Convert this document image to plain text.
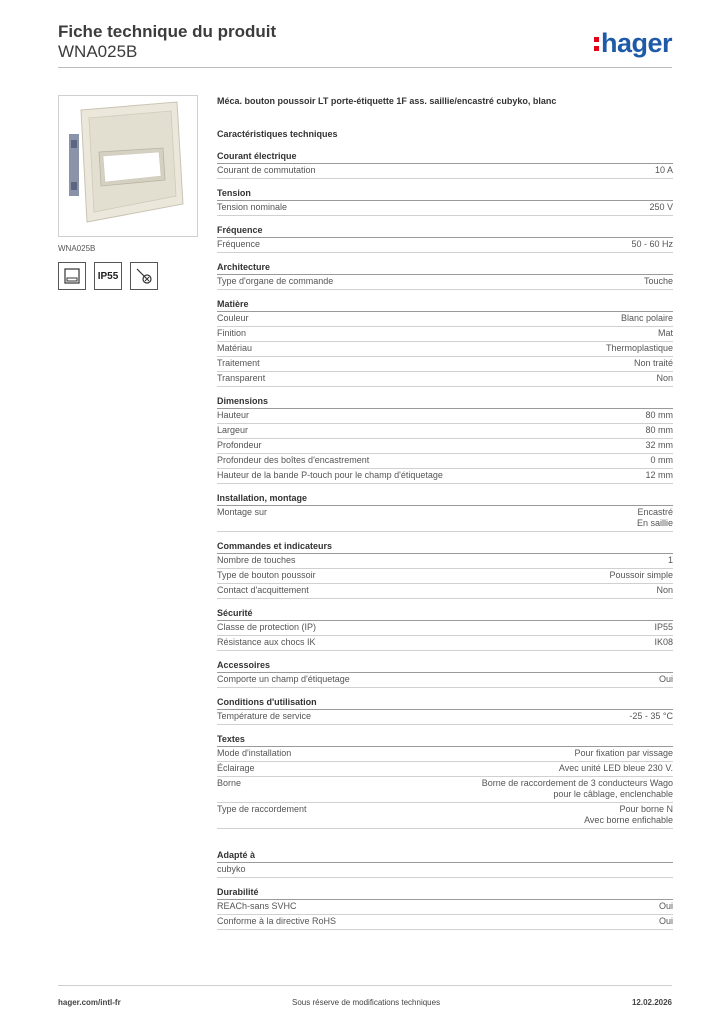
Fiche technique du produit
WNA025B	hager
WNA025B
IP55
Méca. bouton poussoir LT porte-étiquette 1F ass. saillie/encastré cubyko, blanc
Caractéristiques techniques
Courant électrique
Courant de commutation	10 A
Tension
Tension nominale	250 V
Fréquence
Fréquence	50 - 60 Hz
Architecture
Type d'organe de commande	Touche
Matière
Couleur	Blanc polaire
Finition	Mat
Matériau	Thermoplastique
Traitement	Non traité
Transparent	Non
Dimensions
Hauteur	80 mm
Largeur	80 mm
Profondeur	32 mm
Profondeur des boîtes d'encastrement	0 mm
Hauteur de la bande P-touch pour le champ d'étiquetage	12 mm
Installation, montage
Montage sur	Encastré
En saillie
Commandes et indicateurs
Nombre de touches	1
Type de bouton poussoir	Poussoir simple
Contact d'acquittement	Non
Sécurité
Classe de protection (IP)	IP55
Résistance aux chocs IK	IK08
Accessoires
Comporte un champ d'étiquetage	Oui
Conditions d'utilisation
Température de service	-25 - 35 °C
Textes
Mode d'installation	Pour fixation par vissage
Éclairage	Avec unité LED bleue 230 V.
Borne	Borne de raccordement de 3 conducteurs Wago
pour le câblage, enclenchable
Type de raccordement	Pour borne N
Avec borne enfichable
Adapté à
cubyko
Durabilité
REACh-sans SVHC	Oui
Conforme à la directive RoHS	Oui
hager.com/intl-fr	Sous réserve de modifications techniques	12.02.2026
